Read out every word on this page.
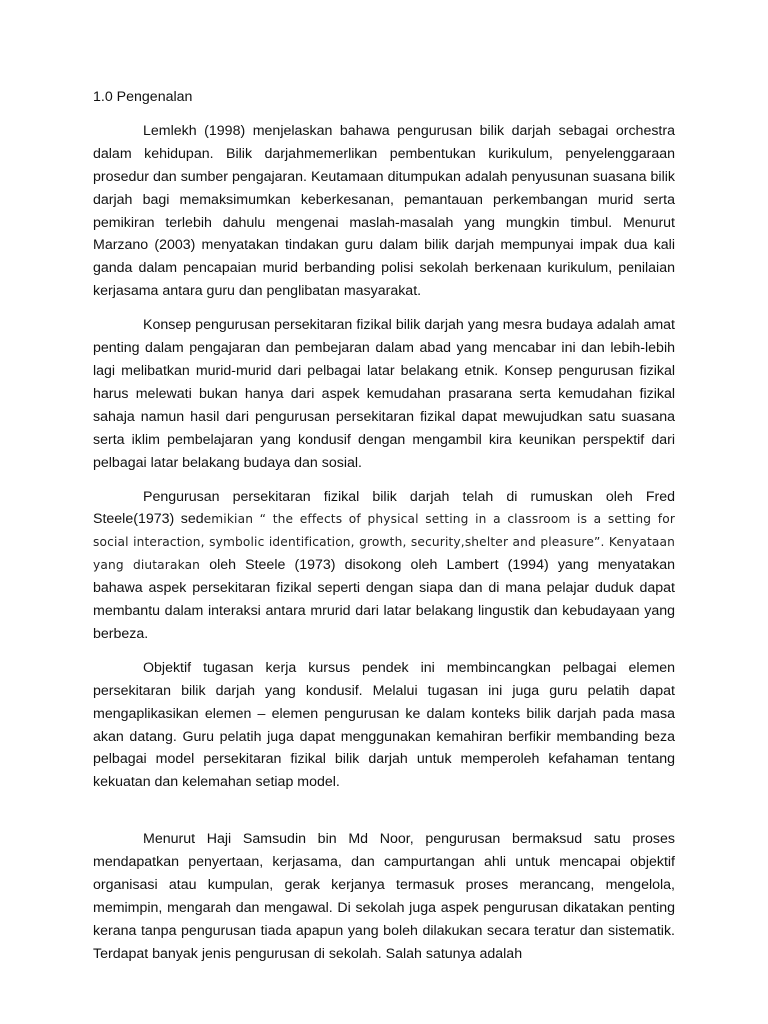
1.0 Pengenalan

Lemlekh (1998) menjelaskan bahawa pengurusan bilik darjah sebagai orchestra dalam kehidupan. Bilik darjahmemerlikan pembentukan kurikulum, penyelenggaraan prosedur dan sumber pengajaran. Keutamaan ditumpukan adalah penyusunan suasana bilik darjah bagi memaksimumkan keberkesanan, pemantauan perkembangan murid serta pemikiran terlebih dahulu mengenai maslah-masalah yang mungkin timbul. Menurut Marzano (2003) menyatakan tindakan guru dalam bilik darjah mempunyai impak dua kali ganda dalam pencapaian murid berbanding polisi sekolah berkenaan kurikulum, penilaian kerjasama antara guru dan penglibatan masyarakat.

Konsep pengurusan persekitaran fizikal bilik darjah yang mesra budaya adalah amat penting dalam pengajaran dan pembejaran dalam abad yang mencabar ini dan lebih-lebih lagi melibatkan murid-murid dari pelbagai latar belakang etnik. Konsep pengurusan fizikal harus melewati bukan hanya dari aspek kemudahan prasarana serta kemudahan fizikal sahaja namun hasil dari pengurusan persekitaran fizikal dapat mewujudkan satu suasana serta iklim pembelajaran yang kondusif dengan mengambil kira keunikan perspektif dari pelbagai latar belakang budaya dan sosial.

Pengurusan persekitaran fizikal bilik darjah telah di rumuskan oleh Fred Steele(1973) sedemikian “ the effects of physical setting in a classroom is a setting for social interaction, symbolic identification, growth, security,shelter and pleasure”. Kenyataan yang diutarakan oleh Steele (1973) disokong oleh Lambert (1994) yang menyatakan bahawa aspek persekitaran fizikal seperti dengan siapa dan di mana pelajar duduk dapat membantu dalam interaksi antara mrurid dari latar belakang lingustik dan kebudayaan yang berbeza.

Objektif tugasan kerja kursus pendek ini membincangkan pelbagai elemen persekitaran bilik darjah yang kondusif. Melalui tugasan ini juga guru pelatih dapat mengaplikasikan elemen – elemen pengurusan ke dalam konteks bilik darjah pada masa akan datang. Guru pelatih juga dapat menggunakan kemahiran berfikir membanding beza pelbagai model persekitaran fizikal bilik darjah untuk memperoleh kefahaman tentang kekuatan dan kelemahan setiap model.

Menurut Haji Samsudin bin Md Noor, pengurusan bermaksud satu proses mendapatkan penyertaan, kerjasama, dan campurtangan ahli untuk mencapai objektif organisasi atau kumpulan, gerak kerjanya termasuk proses merancang, mengelola, memimpin, mengarah dan mengawal. Di sekolah juga aspek pengurusan dikatakan penting kerana tanpa pengurusan tiada apapun yang boleh dilakukan secara teratur dan sistematik. Terdapat banyak jenis pengurusan di sekolah. Salah satunya adalah
